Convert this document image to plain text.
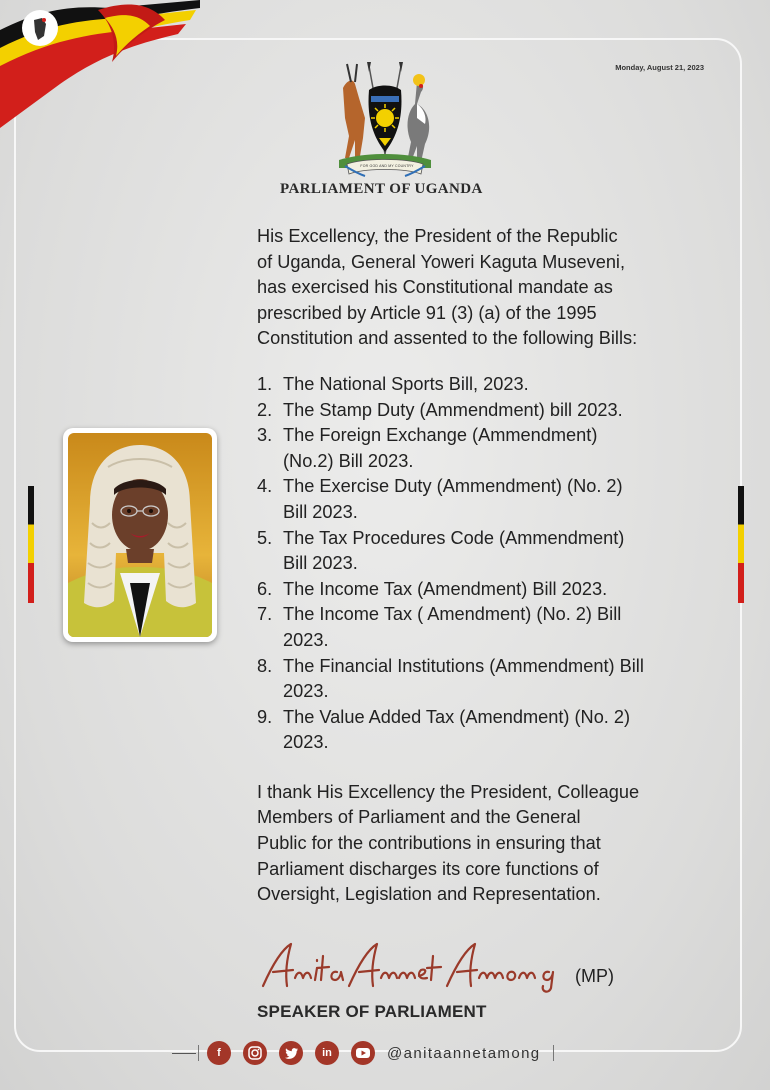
Monday, August 21, 2023
FOR GOD AND MY COUNTRY
PARLIAMENT OF UGANDA

His Excellency, the President of the Republic
of Uganda, General Yoweri Kaguta Museveni,
has exercised his Constitutional mandate as
prescribed by Article 91 (3) (a) of the 1995
Constitution and assented to the following Bills:

1. The National Sports Bill, 2023.
2. The Stamp Duty (Ammendment) bill 2023.
3. The Foreign Exchange (Ammendment)
(No.2) Bill 2023.
4. The Exercise Duty (Ammendment) (No. 2)
Bill 2023.
5. The Tax Procedures Code (Ammendment)
Bill 2023.
6. The Income Tax (Amendment) Bill 2023.
7. The Income Tax ( Amendment) (No. 2) Bill
2023.
8. The Financial Institutions (Ammendment) Bill
2023.
9. The Value Added Tax (Amendment) (No. 2)
2023.

I thank His Excellency the President, Colleague
Members of Parliament and the General
Public for the contributions in ensuring that
Parliament discharges its core functions of
Oversight, Legislation and Representation.

(MP)
SPEAKER OF PARLIAMENT
f	in	@anitaannetamong
